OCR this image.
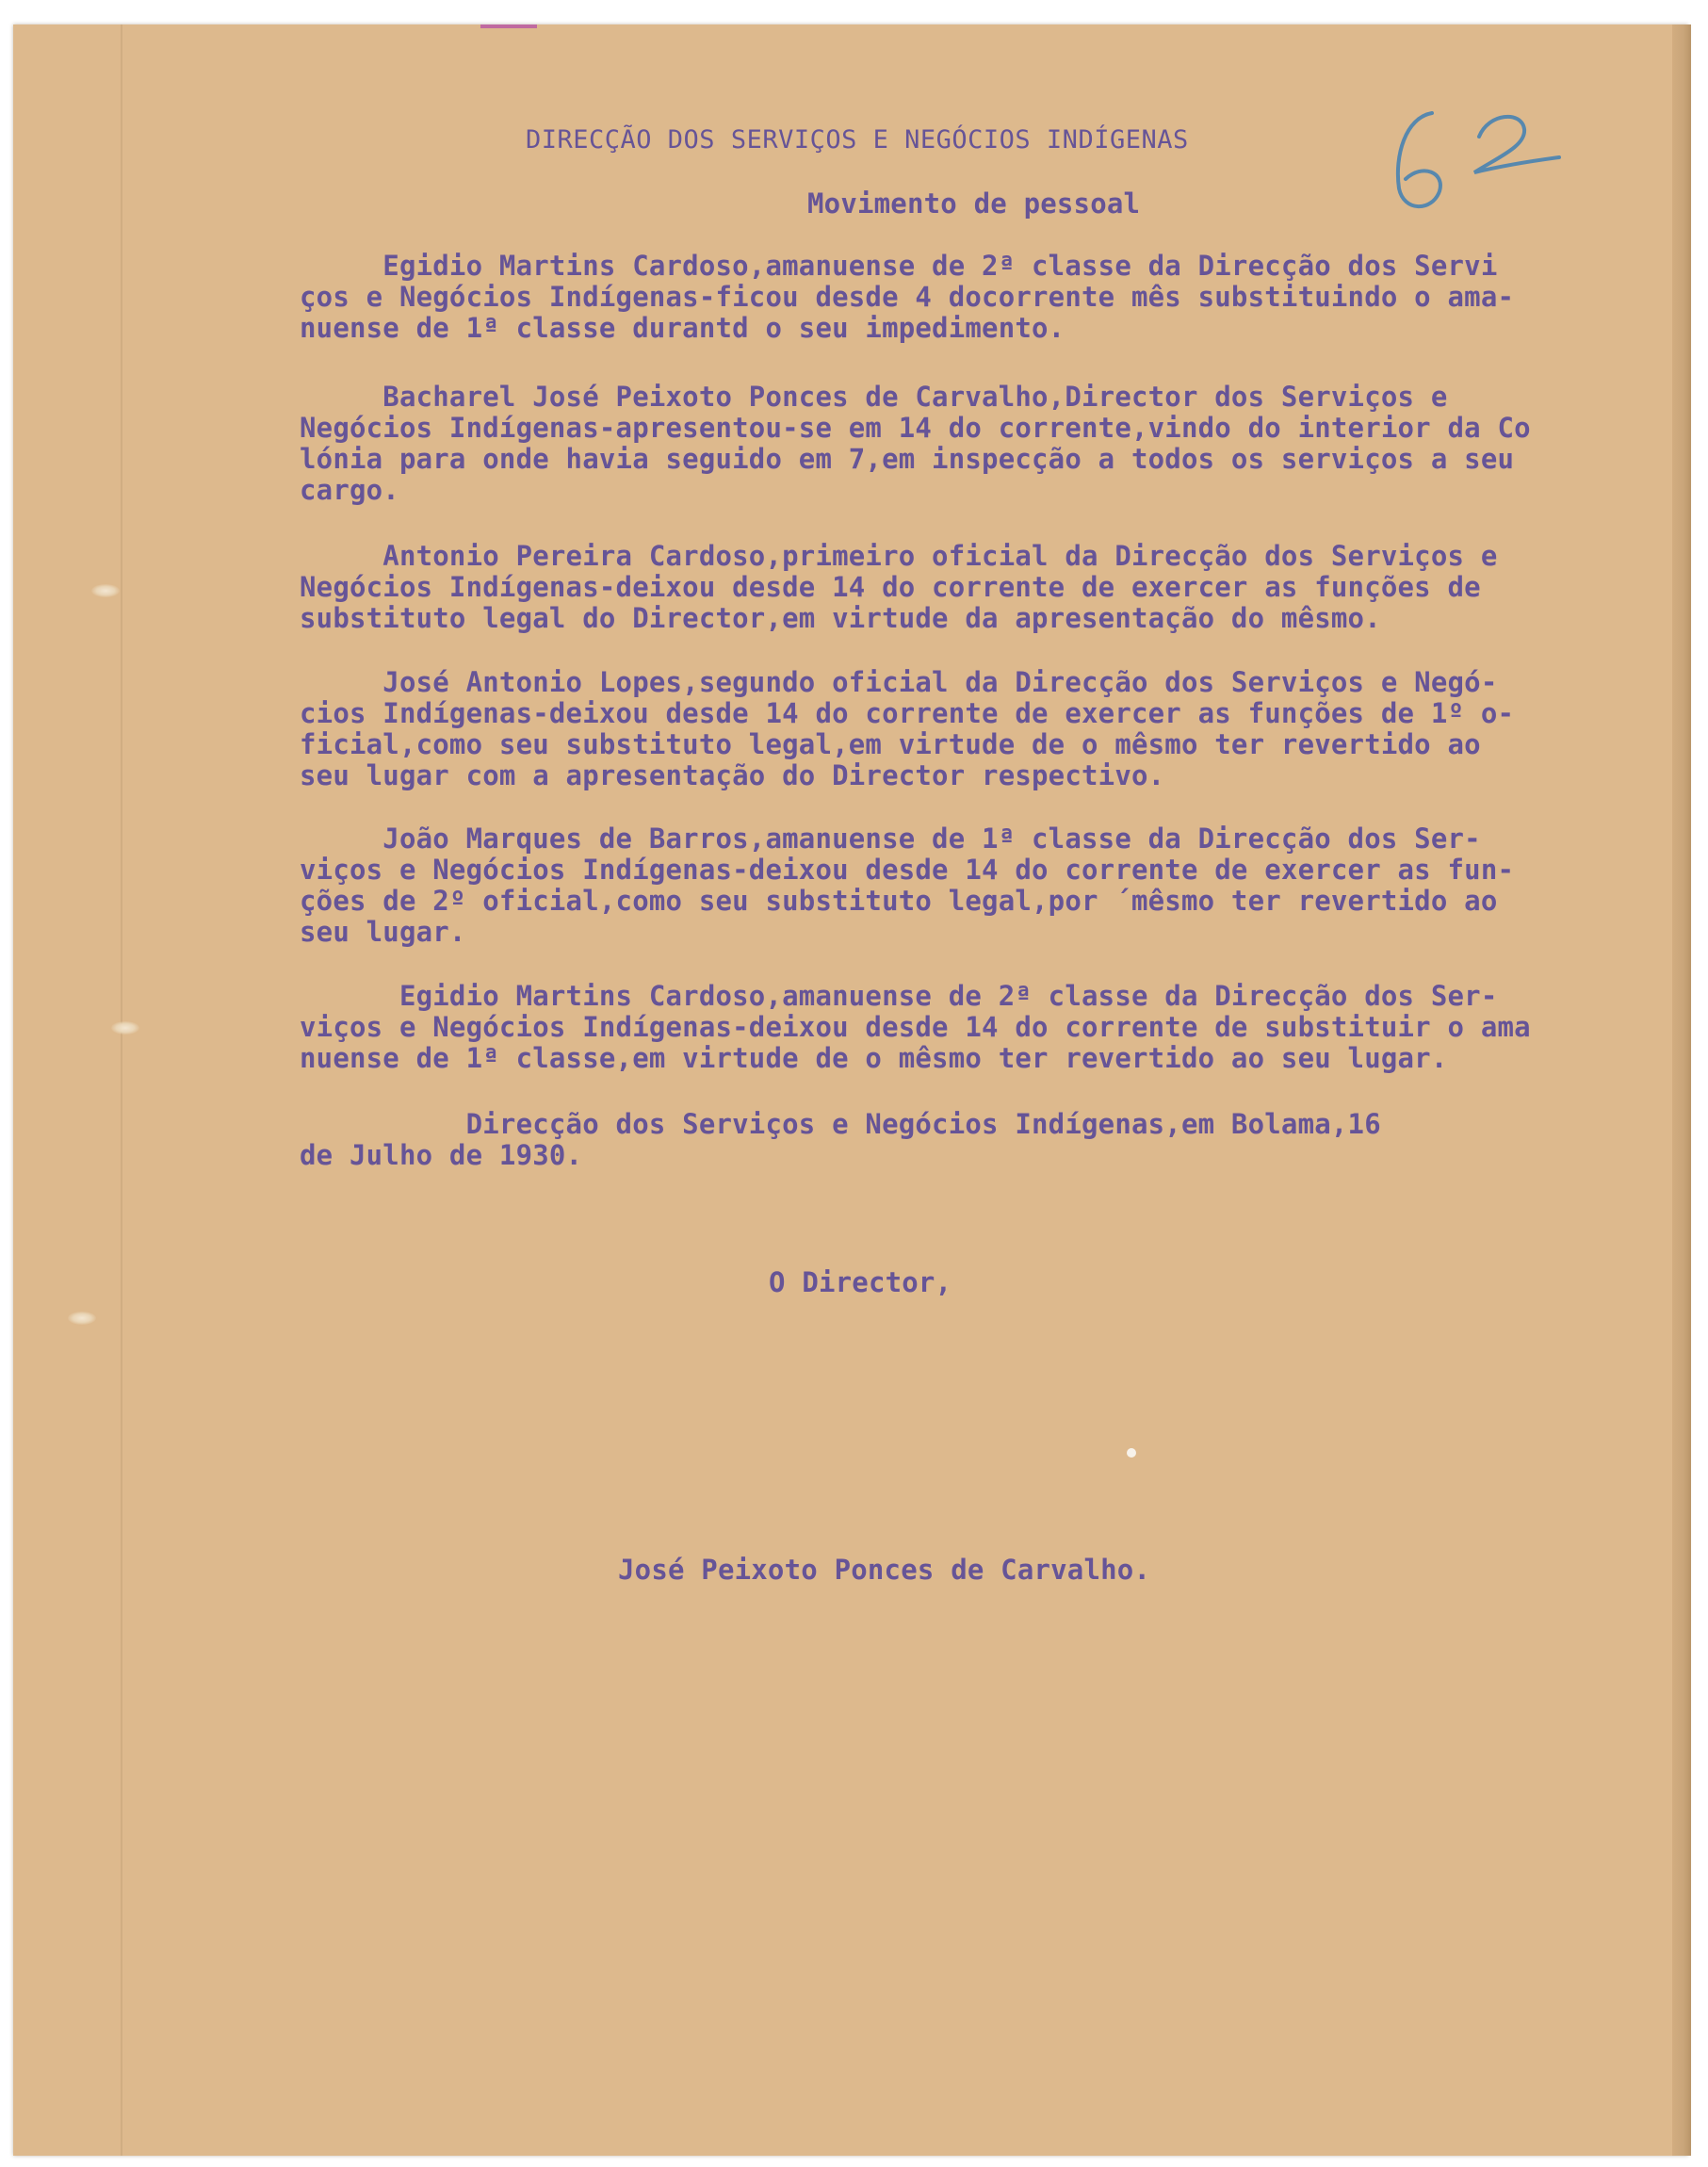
DIRECÇÃO DOS SERVIÇOS E NEGÓCIOS INDÍGENAS
Movimento de pessoal
Egidio Martins Cardoso,amanuense de 2ª classe da Direcção dos Servi
ços e Negócios Indígenas-ficou desde 4 docorrente mês substituindo o ama-
nuense de 1ª classe durantd o seu impedimento.
Bacharel José Peixoto Ponces de Carvalho,Director dos Serviços e
Negócios Indígenas-apresentou-se em 14 do corrente,vindo do interior da Co
lónia para onde havia seguido em 7,em inspecção a todos os serviços a seu
cargo.
Antonio Pereira Cardoso,primeiro oficial da Direcção dos Serviços e
Negócios Indígenas-deixou desde 14 do corrente de exercer as funções de
substituto legal do Director,em virtude da apresentação do mêsmo.
José Antonio Lopes,segundo oficial da Direcção dos Serviços e Negó-
cios Indígenas-deixou desde 14 do corrente de exercer as funções de 1º o-
ficial,como seu substituto legal,em virtude de o mêsmo ter revertido ao
seu lugar com a apresentação do Director respectivo.
João Marques de Barros,amanuense de 1ª classe da Direcção dos Ser-
viços e Negócios Indígenas-deixou desde 14 do corrente de exercer as fun-
ções de 2º oficial,como seu substituto legal,por ´mêsmo ter revertido ao
seu lugar.
Egidio Martins Cardoso,amanuense de 2ª classe da Direcção dos Ser-
viços e Negócios Indígenas-deixou desde 14 do corrente de substituir o ama
nuense de 1ª classe,em virtude de o mêsmo ter revertido ao seu lugar.
Direcção dos Serviços e Negócios Indígenas,em Bolama,16
de Julho de 1930.
O Director,
José Peixoto Ponces de Carvalho.
